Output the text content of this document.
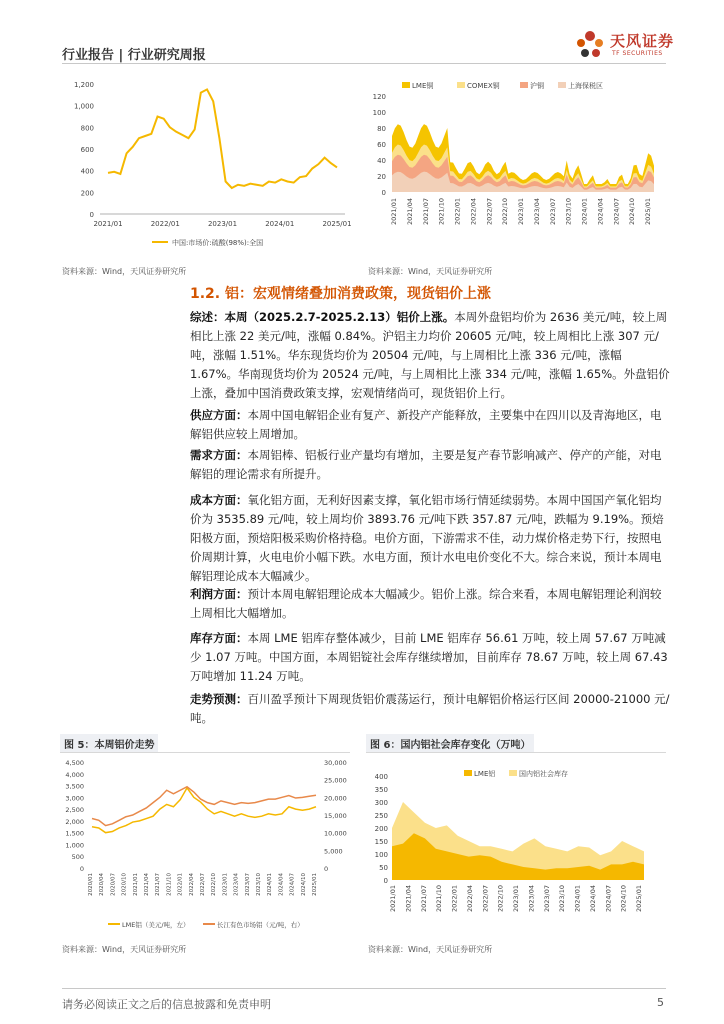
行业报告 | 行业研究周报
天风证券
TF SECURITIES
1,200
1,000
800
600
400
200
0
2021/01	2022/01	2023/01	2024/01	2025/01
中国:市场价:硫酸(98%):全国
资料来源：Wind，天风证券研究所
120
100
80
60
40
20
0
LME铜	COMEX铜	沪铜	上海保税区
2021/01 2021/04 2021/07 2021/10 2022/01 2022/04 2022/07 2022/10 2023/01 2023/04 2023/07 2023/10 2024/01 2024/04 2024/07 2024/10 2025/01
资料来源：Wind，天风证券研究所
1.2. 铝：宏观情绪叠加消费政策，现货铝价上涨
综述：本周（2025.2.7-2025.2.13）铝价上涨。本周外盘铝均价为 2636 美元/吨，较上周相比上涨 22 美元/吨，涨幅 0.84%。沪铝主力均价 20605 元/吨，较上周相比上涨 307 元/吨，涨幅 1.51%。华东现货均价为 20504 元/吨，与上周相比上涨 336 元/吨，涨幅 1.67%。华南现货均价为 20524 元/吨，与上周相比上涨 334 元/吨，涨幅 1.65%。外盘铝价上涨，叠加中国消费政策支撑，宏观情绪尚可，现货铝价上行。
供应方面：本周中国电解铝企业有复产、新投产产能释放，主要集中在四川以及青海地区，电解铝供应较上周增加。
需求方面：本周铝棒、铝板行业产量均有增加，主要是复产春节影响减产、停产的产能，对电解铝的理论需求有所提升。
成本方面：氧化铝方面，无利好因素支撑，氧化铝市场行情延续弱势。本周中国国产氧化铝均价为 3535.89 元/吨，较上周均价 3893.76 元/吨下跌 357.87 元/吨，跌幅为 9.19%。预焙阳极方面，预焙阳极采购价格持稳。电价方面，下游需求不佳，动力煤价格走势下行，按照电价周期计算，火电电价小幅下跌。水电方面，预计水电电价变化不大。综合来说，预计本周电解铝理论成本大幅减少。
利润方面：预计本周电解铝理论成本大幅减少。铝价上涨。综合来看，本周电解铝理论利润较上周相比大幅增加。
库存方面：本周 LME 铝库存整体减少，目前 LME 铝库存 56.61 万吨，较上周 57.67 万吨减少 1.07 万吨。中国方面，本周铝锭社会库存继续增加，目前库存 78.67 万吨，较上周 67.43 万吨增加 11.24 万吨。
走势预测：百川盈孚预计下周现货铝价震荡运行，预计电解铝价格运行区间 20000-21000 元/吨。
图 5：本周铝价走势
4,500
4,000
3,500
3,000
2,500
2,000
1,500
1,000
500
0
30,000
25,000
20,000
15,000
10,000
5,000
0
2020/01 2020/04 2020/07 2020/10 2021/01 2021/04 2021/07 2021/10 2022/01 2022/04 2022/07 2022/10 2023/01 2023/04 2023/07 2023/10 2024/01 2024/04 2024/07 2024/10 2025/01
LME铝（美元/吨，左）	长江有色市场铝（元/吨，右）
资料来源：Wind，天风证券研究所
图 6：国内铝社会库存变化（万吨）
400
350
300
250
200
150
100
50
0
LME铝	国内铝社会库存
2021/01 2021/04 2021/07 2021/10 2022/01 2022/04 2022/07 2022/10 2023/01 2023/04 2023/07 2023/10 2024/01 2024/04 2024/07 2024/10 2025/01
资料来源：Wind，天风证券研究所
请务必阅读正文之后的信息披露和免责申明	5
